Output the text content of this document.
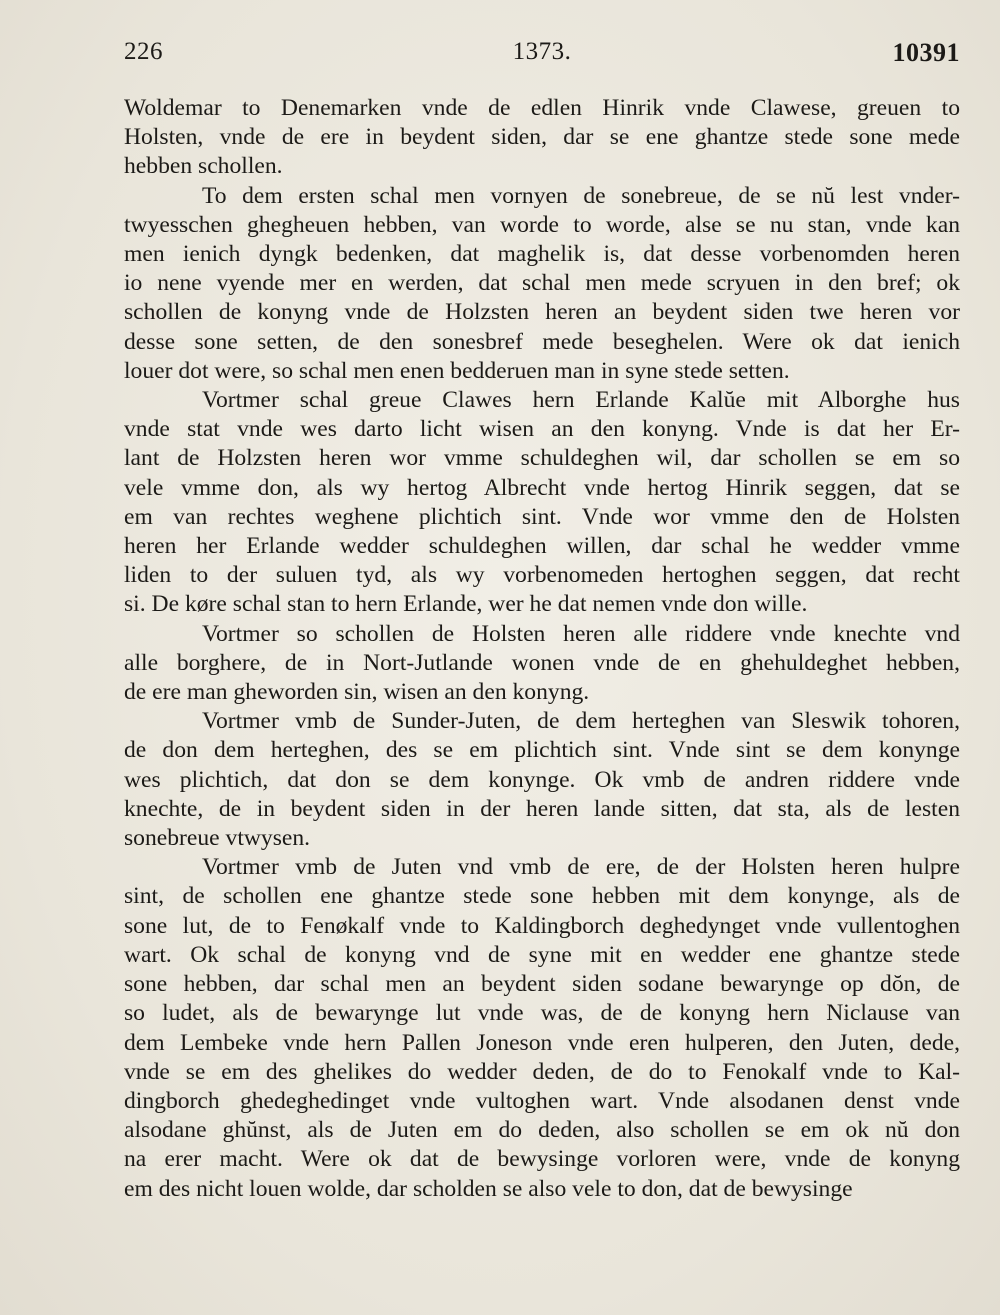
226	1373.	10391

Woldemar to Denemarken vnde de edlen Hinrik vnde Clawese, greuen to
Holsten, vnde de ere in beydent siden, dar se ene ghantze stede sone mede
hebben schollen.

To dem ersten schal men vornyen de sonebreue, de se nŭ lest vnder-
twyesschen ghegheuen hebben, van worde to worde, alse se nu stan, vnde kan
men ienich dyngk bedenken, dat maghelik is, dat desse vorbenomden heren
io nene vyende mer en werden, dat schal men mede scryuen in den bref; ok
schollen de konyng vnde de Holzsten heren an beydent siden twe heren vor
desse sone setten, de den sonesbref mede beseghelen. Were ok dat ienich
louer dot were, so schal men enen bedderuen man in syne stede setten.

Vortmer schal greue Clawes hern Erlande Kalŭe mit Alborghe hus
vnde stat vnde wes darto licht wisen an den konyng. Vnde is dat her Er-
lant de Holzsten heren wor vmme schuldeghen wil, dar schollen se em so
vele vmme don, als wy hertog Albrecht vnde hertog Hinrik seggen, dat se
em van rechtes weghene plichtich sint. Vnde wor vmme den de Holsten
heren her Erlande wedder schuldeghen willen, dar schal he wedder vmme
liden to der suluen tyd, als wy vorbenomeden hertoghen seggen, dat recht
si. De køre schal stan to hern Erlande, wer he dat nemen vnde don wille.

Vortmer so schollen de Holsten heren alle riddere vnde knechte vnd
alle borghere, de in Nort-Jutlande wonen vnde de en ghehuldeghet hebben,
de ere man gheworden sin, wisen an den konyng.

Vortmer vmb de Sunder-Juten, de dem herteghen van Sleswik tohoren,
de don dem herteghen, des se em plichtich sint. Vnde sint se dem konynge
wes plichtich, dat don se dem konynge. Ok vmb de andren riddere vnde
knechte, de in beydent siden in der heren lande sitten, dat sta, als de lesten
sonebreue vtwysen.

Vortmer vmb de Juten vnd vmb de ere, de der Holsten heren hulpre
sint, de schollen ene ghantze stede sone hebben mit dem konynge, als de
sone lut, de to Fenøkalf vnde to Kaldingborch deghedynget vnde vullentoghen
wart. Ok schal de konyng vnd de syne mit en wedder ene ghantze stede
sone hebben, dar schal men an beydent siden sodane bewarynge op dŏn, de
so ludet, als de bewarynge lut vnde was, de de konyng hern Niclause van
dem Lembeke vnde hern Pallen Joneson vnde eren hulperen, den Juten, dede,
vnde se em des ghelikes do wedder deden, de do to Fenokalf vnde to Kal-
dingborch ghedeghedinget vnde vultoghen wart. Vnde alsodanen denst vnde
alsodane ghŭnst, als de Juten em do deden, also schollen se em ok nŭ don
na erer macht. Were ok dat de bewysinge vorloren were, vnde de konyng
em des nicht louen wolde, dar scholden se also vele to don, dat de bewysinge
